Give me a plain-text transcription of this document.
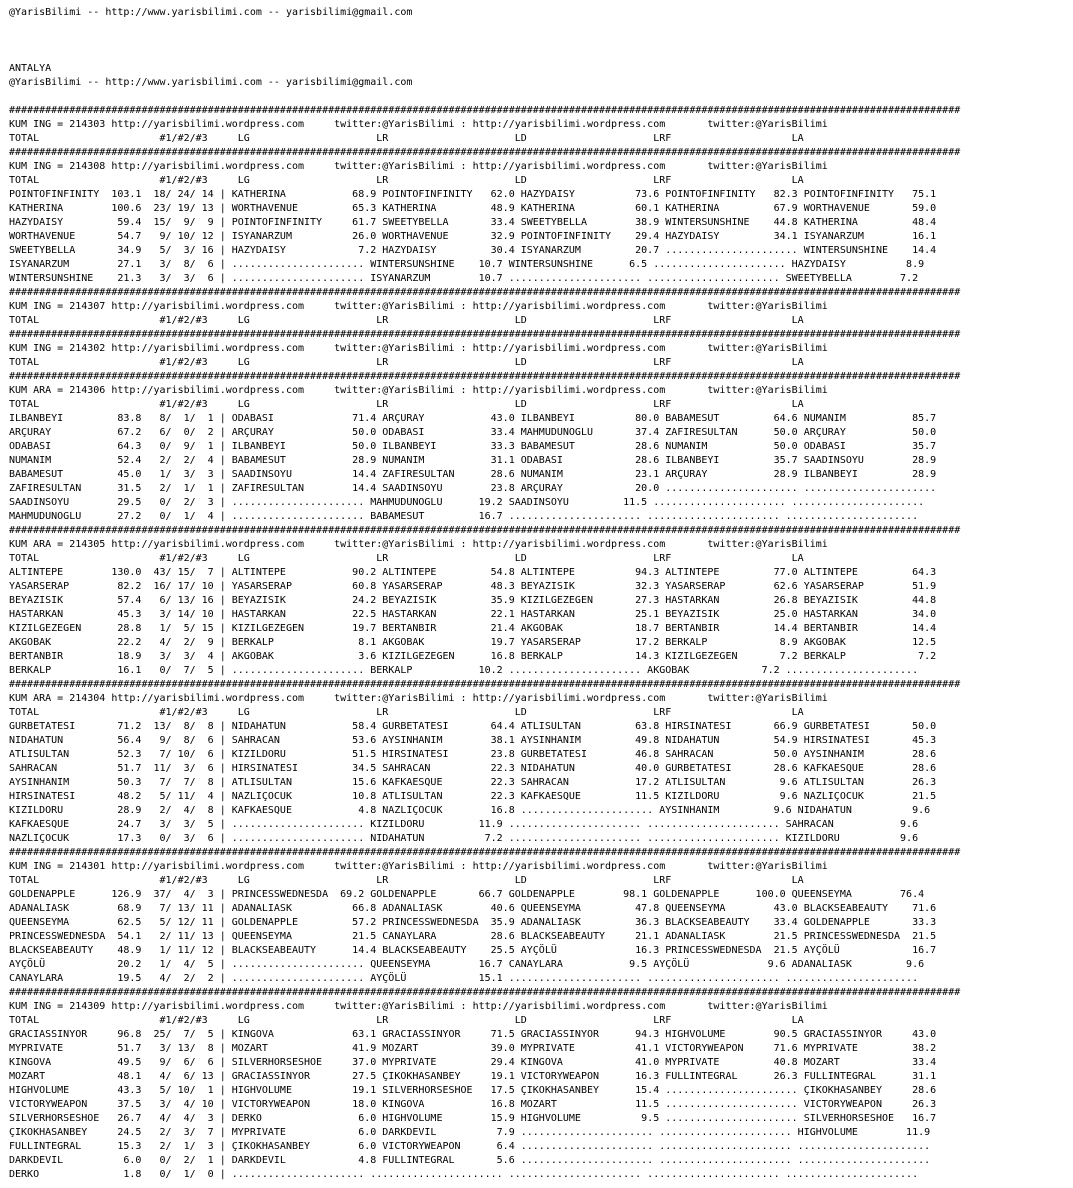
@YarisBilimi -- http://www.yarisbilimi.com -- yarisbilimi@gmail.com
ANTALYA
@YarisBilimi -- http://www.yarisbilimi.com -- yarisbilimi@gmail.com
##############################################################################################################################################################
KUM ING = 214303 http://yarisbilimi.wordpress.com     twitter:@YarisBilimi : http://yarisbilimi.wordpress.com       twitter:@YarisBilimi
TOTAL                    #1/#2/#3     LG                     LR                     LD                     LRF                    LA
##############################################################################################################################################################
KUM ING = 214308 http://yarisbilimi.wordpress.com     twitter:@YarisBilimi : http://yarisbilimi.wordpress.com       twitter:@YarisBilimi
TOTAL                    #1/#2/#3     LG                     LR                     LD                     LRF                    LA
POINTOFINFINITY  103.1  18/ 24/ 14 | KATHERINA           68.9 POINTOFINFINITY   62.0 HAZYDAISY          73.6 POINTOFINFINITY   82.3 POINTOFINFINITY   75.1
KATHERINA        100.6  23/ 19/ 13 | WORTHAVENUE         65.3 KATHERINA         48.9 KATHERINA          60.1 KATHERINA         67.9 WORTHAVENUE       59.0
HAZYDAISY         59.4  15/  9/  9 | POINTOFINFINITY     61.7 SWEETYBELLA       33.4 SWEETYBELLA        38.9 WINTERSUNSHINE    44.8 KATHERINA         48.4
WORTHAVENUE       54.7   9/ 10/ 12 | ISYANARZUM          26.0 WORTHAVENUE       32.9 POINTOFINFINITY    29.4 HAZYDAISY         34.1 ISYANARZUM        16.1
SWEETYBELLA       34.9   5/  3/ 16 | HAZYDAISY            7.2 HAZYDAISY         30.4 ISYANARZUM         20.7 ...................... WINTERSUNSHINE    14.4
ISYANARZUM        27.1   3/  8/  6 | ...................... WINTERSUNSHINE    10.7 WINTERSUNSHINE      6.5 ...................... HAZYDAISY          8.9
WINTERSUNSHINE    21.3   3/  3/  6 | ...................... ISYANARZUM        10.7 ...................... ...................... SWEETYBELLA        7.2
##############################################################################################################################################################
KUM ING = 214307 http://yarisbilimi.wordpress.com     twitter:@YarisBilimi : http://yarisbilimi.wordpress.com       twitter:@YarisBilimi
TOTAL                    #1/#2/#3     LG                     LR                     LD                     LRF                    LA
##############################################################################################################################################################
KUM ING = 214302 http://yarisbilimi.wordpress.com     twitter:@YarisBilimi : http://yarisbilimi.wordpress.com       twitter:@YarisBilimi
TOTAL                    #1/#2/#3     LG                     LR                     LD                     LRF                    LA
##############################################################################################################################################################
KUM ARA = 214306 http://yarisbilimi.wordpress.com     twitter:@YarisBilimi : http://yarisbilimi.wordpress.com       twitter:@YarisBilimi
TOTAL                    #1/#2/#3     LG                     LR                     LD                     LRF                    LA
ILBANBEYI         83.8   8/  1/  1 | ODABASI             71.4 ARÇURAY           43.0 ILBANBEYI          80.0 BABAMESUT         64.6 NUMANIM           85.7
ARÇURAY           67.2   6/  0/  2 | ARÇURAY             50.0 ODABASI           33.4 MAHMUDUNOGLU       37.4 ZAFIRESULTAN      50.0 ARÇURAY           50.0
ODABASI           64.3   0/  9/  1 | ILBANBEYI           50.0 ILBANBEYI         33.3 BABAMESUT          28.6 NUMANIM           50.0 ODABASI           35.7
NUMANIM           52.4   2/  2/  4 | BABAMESUT           28.9 NUMANIM           31.1 ODABASI            28.6 ILBANBEYI         35.7 SAADINSOYU        28.9
BABAMESUT         45.0   1/  3/  3 | SAADINSOYU          14.4 ZAFIRESULTAN      28.6 NUMANIM            23.1 ARÇURAY           28.9 ILBANBEYI         28.9
ZAFIRESULTAN      31.5   2/  1/  1 | ZAFIRESULTAN        14.4 SAADINSOYU        23.8 ARÇURAY            20.0 ...................... ......................
SAADINSOYU        29.5   0/  2/  3 | ...................... MAHMUDUNOGLU      19.2 SAADINSOYU         11.5 ...................... ......................
MAHMUDUNOGLU      27.2   0/  1/  4 | ...................... BABAMESUT         16.7 ...................... ...................... ......................
##############################################################################################################################################################
KUM ARA = 214305 http://yarisbilimi.wordpress.com     twitter:@YarisBilimi : http://yarisbilimi.wordpress.com       twitter:@YarisBilimi
TOTAL                    #1/#2/#3     LG                     LR                     LD                     LRF                    LA
ALTINTEPE        130.0  43/ 15/  7 | ALTINTEPE           90.2 ALTINTEPE         54.8 ALTINTEPE          94.3 ALTINTEPE         77.0 ALTINTEPE         64.3
YASARSERAP        82.2  16/ 17/ 10 | YASARSERAP          60.8 YASARSERAP        48.3 BEYAZISIK          32.3 YASARSERAP        62.6 YASARSERAP        51.9
BEYAZISIK         57.4   6/ 13/ 16 | BEYAZISIK           24.2 BEYAZISIK         35.9 KIZILGEZEGEN       27.3 HASTARKAN         26.8 BEYAZISIK         44.8
HASTARKAN         45.3   3/ 14/ 10 | HASTARKAN           22.5 HASTARKAN         22.1 HASTARKAN          25.1 BEYAZISIK         25.0 HASTARKAN         34.0
KIZILGEZEGEN      28.8   1/  5/ 15 | KIZILGEZEGEN        19.7 BERTANBIR         21.4 AKGOBAK            18.7 BERTANBIR         14.4 BERTANBIR         14.4
AKGOBAK           22.2   4/  2/  9 | BERKALP              8.1 AKGOBAK           19.7 YASARSERAP         17.2 BERKALP            8.9 AKGOBAK           12.5
BERTANBIR         18.9   3/  3/  4 | AKGOBAK              3.6 KIZILGEZEGEN      16.8 BERKALP            14.3 KIZILGEZEGEN       7.2 BERKALP            7.2
BERKALP           16.1   0/  7/  5 | ...................... BERKALP           10.2 ...................... AKGOBAK            7.2 ......................
##############################################################################################################################################################
KUM ARA = 214304 http://yarisbilimi.wordpress.com     twitter:@YarisBilimi : http://yarisbilimi.wordpress.com       twitter:@YarisBilimi
TOTAL                    #1/#2/#3     LG                     LR                     LD                     LRF                    LA
GURBETATESI       71.2  13/  8/  8 | NIDAHATUN           58.4 GURBETATESI       64.4 ATLISULTAN         63.8 HIRSINATESI       66.9 GURBETATESI       50.0
NIDAHATUN         56.4   9/  8/  6 | SAHRACAN            53.6 AYSINHANIM        38.1 AYSINHANIM         49.8 NIDAHATUN         54.9 HIRSINATESI       45.3
ATLISULTAN        52.3   7/ 10/  6 | KIZILDORU           51.5 HIRSINATESI       23.8 GURBETATESI        46.8 SAHRACAN          50.0 AYSINHANIM        28.6
SAHRACAN          51.7  11/  3/  6 | HIRSINATESI         34.5 SAHRACAN          22.3 NIDAHATUN          40.0 GURBETATESI       28.6 KAFKAESQUE        28.6
AYSINHANIM        50.3   7/  7/  8 | ATLISULTAN          15.6 KAFKAESQUE        22.3 SAHRACAN           17.2 ATLISULTAN         9.6 ATLISULTAN        26.3
HIRSINATESI       48.2   5/ 11/  4 | NAZLIÇOCUK          10.8 ATLISULTAN        22.3 KAFKAESQUE         11.5 KIZILDORU          9.6 NAZLIÇOCUK        21.5
KIZILDORU         28.9   2/  4/  8 | KAFKAESQUE           4.8 NAZLIÇOCUK        16.8 ...................... AYSINHANIM         9.6 NIDAHATUN          9.6
KAFKAESQUE        24.7   3/  3/  5 | ...................... KIZILDORU         11.9 ...................... ...................... SAHRACAN           9.6
NAZLIÇOCUK        17.3   0/  3/  6 | ...................... NIDAHATUN          7.2 ...................... ...................... KIZILDORU          9.6
##############################################################################################################################################################
KUM ING = 214301 http://yarisbilimi.wordpress.com     twitter:@YarisBilimi : http://yarisbilimi.wordpress.com       twitter:@YarisBilimi
TOTAL                    #1/#2/#3     LG                     LR                     LD                     LRF                    LA
GOLDENAPPLE      126.9  37/  4/  3 | PRINCESSWEDNESDA  69.2 GOLDENAPPLE       66.7 GOLDENAPPLE        98.1 GOLDENAPPLE      100.0 QUEENSEYMA        76.4
ADANALIASK        68.9   7/ 13/ 11 | ADANALIASK          66.8 ADANALIASK        40.6 QUEENSEYMA         47.8 QUEENSEYMA        43.0 BLACKSEABEAUTY    71.6
QUEENSEYMA        62.5   5/ 12/ 11 | GOLDENAPPLE         57.2 PRINCESSWEDNESDA  35.9 ADANALIASK         36.3 BLACKSEABEAUTY    33.4 GOLDENAPPLE       33.3
PRINCESSWEDNESDA  54.1   2/ 11/ 13 | QUEENSEYMA          21.5 CANAYLARA         28.6 BLACKSEABEAUTY     21.1 ADANALIASK        21.5 PRINCESSWEDNESDA  21.5
BLACKSEABEAUTY    48.9   1/ 11/ 12 | BLACKSEABEAUTY      14.4 BLACKSEABEAUTY    25.5 AYÇÖLÜ             16.3 PRINCESSWEDNESDA  21.5 AYÇÖLÜ            16.7
AYÇÖLÜ            20.2   1/  4/  5 | ...................... QUEENSEYMA        16.7 CANAYLARA           9.5 AYÇÖLÜ             9.6 ADANALIASK         9.6
CANAYLARA         19.5   4/  2/  2 | ...................... AYÇÖLÜ            15.1 ...................... ...................... ......................
##############################################################################################################################################################
KUM ING = 214309 http://yarisbilimi.wordpress.com     twitter:@YarisBilimi : http://yarisbilimi.wordpress.com       twitter:@YarisBilimi
TOTAL                    #1/#2/#3     LG                     LR                     LD                     LRF                    LA
GRACIASSINYOR     96.8  25/  7/  5 | KINGOVA             63.1 GRACIASSINYOR     71.5 GRACIASSINYOR      94.3 HIGHVOLUME        90.5 GRACIASSINYOR     43.0
MYPRIVATE         51.7   3/ 13/  8 | MOZART              41.9 MOZART            39.0 MYPRIVATE          41.1 VICTORYWEAPON     71.6 MYPRIVATE         38.2
KINGOVA           49.5   9/  6/  6 | SILVERHORSESHOE     37.0 MYPRIVATE         29.4 KINGOVA            41.0 MYPRIVATE         40.8 MOZART            33.4
MOZART            48.1   4/  6/ 13 | GRACIASSINYOR       27.5 ÇIKOKHASANBEY     19.1 VICTORYWEAPON      16.3 FULLINTEGRAL      26.3 FULLINTEGRAL      31.1
HIGHVOLUME        43.3   5/ 10/  1 | HIGHVOLUME          19.1 SILVERHORSESHOE   17.5 ÇIKOKHASANBEY      15.4 ...................... ÇIKOKHASANBEY     28.6
VICTORYWEAPON     37.5   3/  4/ 10 | VICTORYWEAPON       18.0 KINGOVA           16.8 MOZART             11.5 ...................... VICTORYWEAPON     26.3
SILVERHORSESHOE   26.7   4/  4/  3 | DERKO                6.0 HIGHVOLUME        15.9 HIGHVOLUME          9.5 ...................... SILVERHORSESHOE   16.7
ÇIKOKHASANBEY     24.5   2/  3/  7 | MYPRIVATE            6.0 DARKDEVIL          7.9 ...................... ...................... HIGHVOLUME        11.9
FULLINTEGRAL      15.3   2/  1/  3 | ÇIKOKHASANBEY        6.0 VICTORYWEAPON      6.4 ...................... ...................... ......................
DARKDEVIL          6.0   0/  2/  1 | DARKDEVIL            4.8 FULLINTEGRAL       5.6 ...................... ...................... ......................
DERKO              1.8   0/  1/  0 | ...................... ...................... ...................... ...................... ......................
